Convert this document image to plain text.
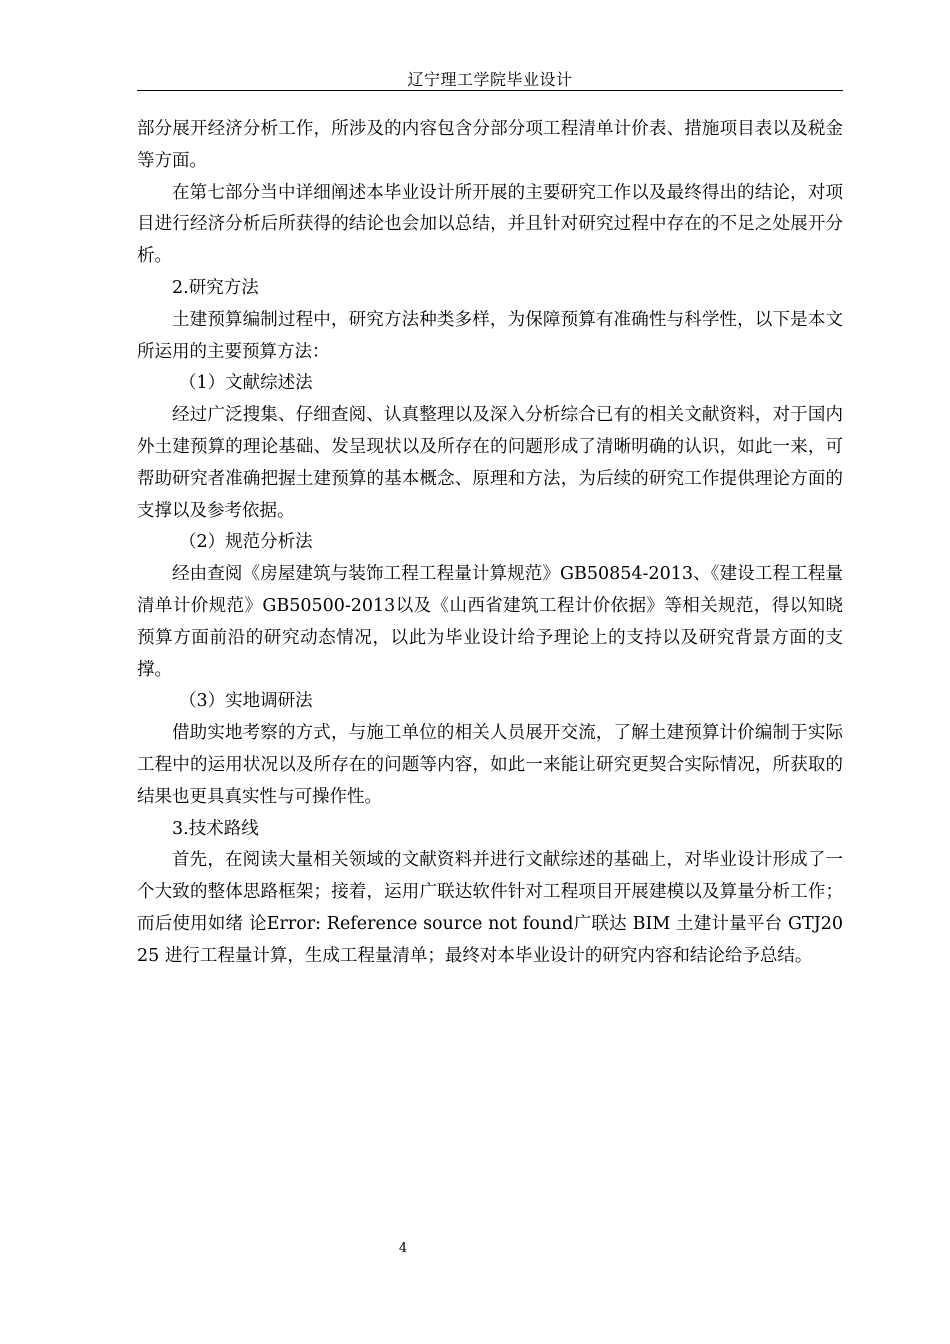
辽宁理工学院毕业设计

部分展开经济分析工作，所涉及的内容包含分部分项工程清单计价表、措施项目表以及税金等方面。

在第七部分当中详细阐述本毕业设计所开展的主要研究工作以及最终得出的结论，对项目进行经济分析后所获得的结论也会加以总结，并且针对研究过程中存在的不足之处展开分析。

2.研究方法

土建预算编制过程中，研究方法种类多样，为保障预算有准确性与科学性，以下是本文所运用的主要预算方法：

（1）文献综述法

经过广泛搜集、仔细查阅、认真整理以及深入分析综合已有的相关文献资料，对于国内外土建预算的理论基础、发呈现状以及所存在的问题形成了清晰明确的认识，如此一来，可帮助研究者准确把握土建预算的基本概念、原理和方法，为后续的研究工作提供理论方面的支撑以及参考依据。

（2）规范分析法

经由查阅《房屋建筑与装饰工程工程量计算规范》GB50854-2013、《建设工程工程量清单计价规范》GB50500-2013以及《山西省建筑工程计价依据》等相关规范，得以知晓预算方面前沿的研究动态情况，以此为毕业设计给予理论上的支持以及研究背景方面的支撑。

（3）实地调研法

借助实地考察的方式，与施工单位的相关人员展开交流，了解土建预算计价编制于实际工程中的运用状况以及所存在的问题等内容，如此一来能让研究更契合实际情况，所获取的结果也更具真实性与可操作性。

3.技术路线

首先，在阅读大量相关领域的文献资料并进行文献综述的基础上，对毕业设计形成了一个大致的整体思路框架；接着，运用广联达软件针对工程项目开展建模以及算量分析工作；而后使用如绪 论Error: Reference source not found广联达 BIM 土建计量平台 GTJ2025 进行工程量计算，生成工程量清单；最终对本毕业设计的研究内容和结论给予总结。

4
